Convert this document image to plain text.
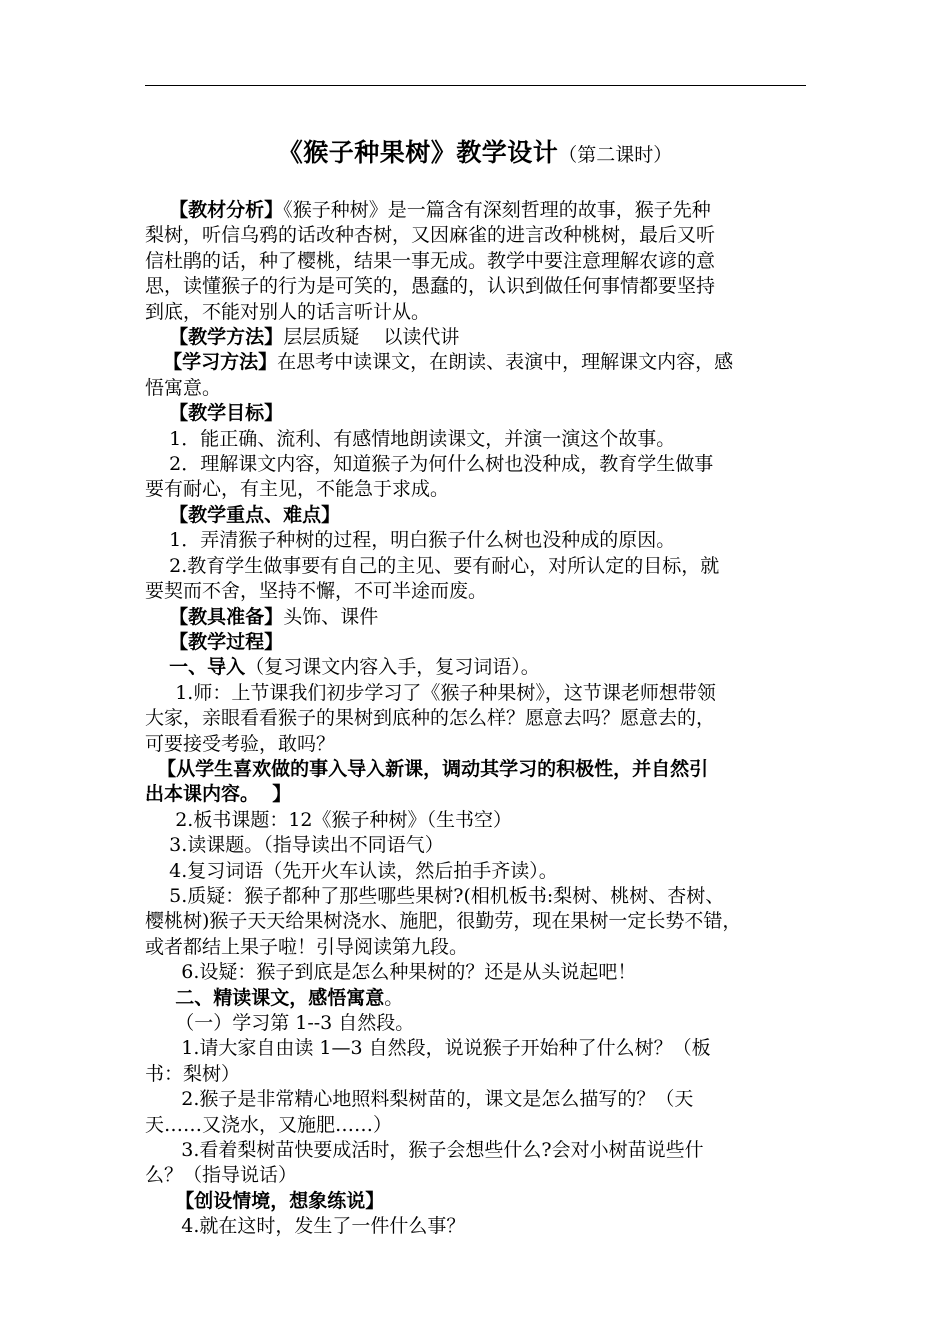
《猴子种果树》教学设计（第二课时）

【教材分析】《猴子种树》是一篇含有深刻哲理的故事，猴子先种

梨树，听信乌鸦的话改种杏树，又因麻雀的进言改种桃树，最后又听

信杜鹃的话，种了樱桃，结果一事无成。教学中要注意理解农谚的意

思，读懂猴子的行为是可笑的，愚蠢的，认识到做任何事情都要坚持

到底，不能对别人的话言听计从。

【教学方法】层层质疑    以读代讲

【学习方法】在思考中读课文，在朗读、表演中，理解课文内容，感

悟寓意。

【教学目标】

1．能正确、流利、有感情地朗读课文，并演一演这个故事。

2．理解课文内容，知道猴子为何什么树也没种成，教育学生做事

要有耐心，有主见，不能急于求成。

【教学重点、难点】

1．弄清猴子种树的过程，明白猴子什么树也没种成的原因。

2.教育学生做事要有自己的主见、要有耐心，对所认定的目标，就

要契而不舍，坚持不懈，不可半途而废。

【教具准备】头饰、课件

【教学过程】

一、导入（复习课文内容入手，复习词语）。

1.师：上节课我们初步学习了《猴子种果树》，这节课老师想带领

大家，亲眼看看猴子的果树到底种的怎么样？愿意去吗？愿意去的，

可要接受考验，敢吗？

【从学生喜欢做的事入导入新课，调动其学习的积极性，并自然引

出本课内容。  】

2.板书课题：12《猴子种树》（生书空）

3.读课题。（指导读出不同语气）

4.复习词语（先开火车认读，然后拍手齐读）。

5.质疑：猴子都种了那些哪些果树?(相机板书:梨树、桃树、杏树、

樱桃树)猴子天天给果树浇水、施肥，很勤劳，现在果树一定长势不错，

或者都结上果子啦！引导阅读第九段。

6.设疑：猴子到底是怎么种果树的？还是从头说起吧！

二、精读课文，感悟寓意。

（一）学习第 1--3 自然段。

1.请大家自由读 1—3 自然段，说说猴子开始种了什么树？（板

书：梨树）

2.猴子是非常精心地照料梨树苗的，课文是怎么描写的？（天

天……又浇水，又施肥……）

3.看着梨树苗快要成活时，猴子会想些什么?会对小树苗说些什

么？（指导说话）

【创设情境，想象练说】

4.就在这时，发生了一件什么事？
